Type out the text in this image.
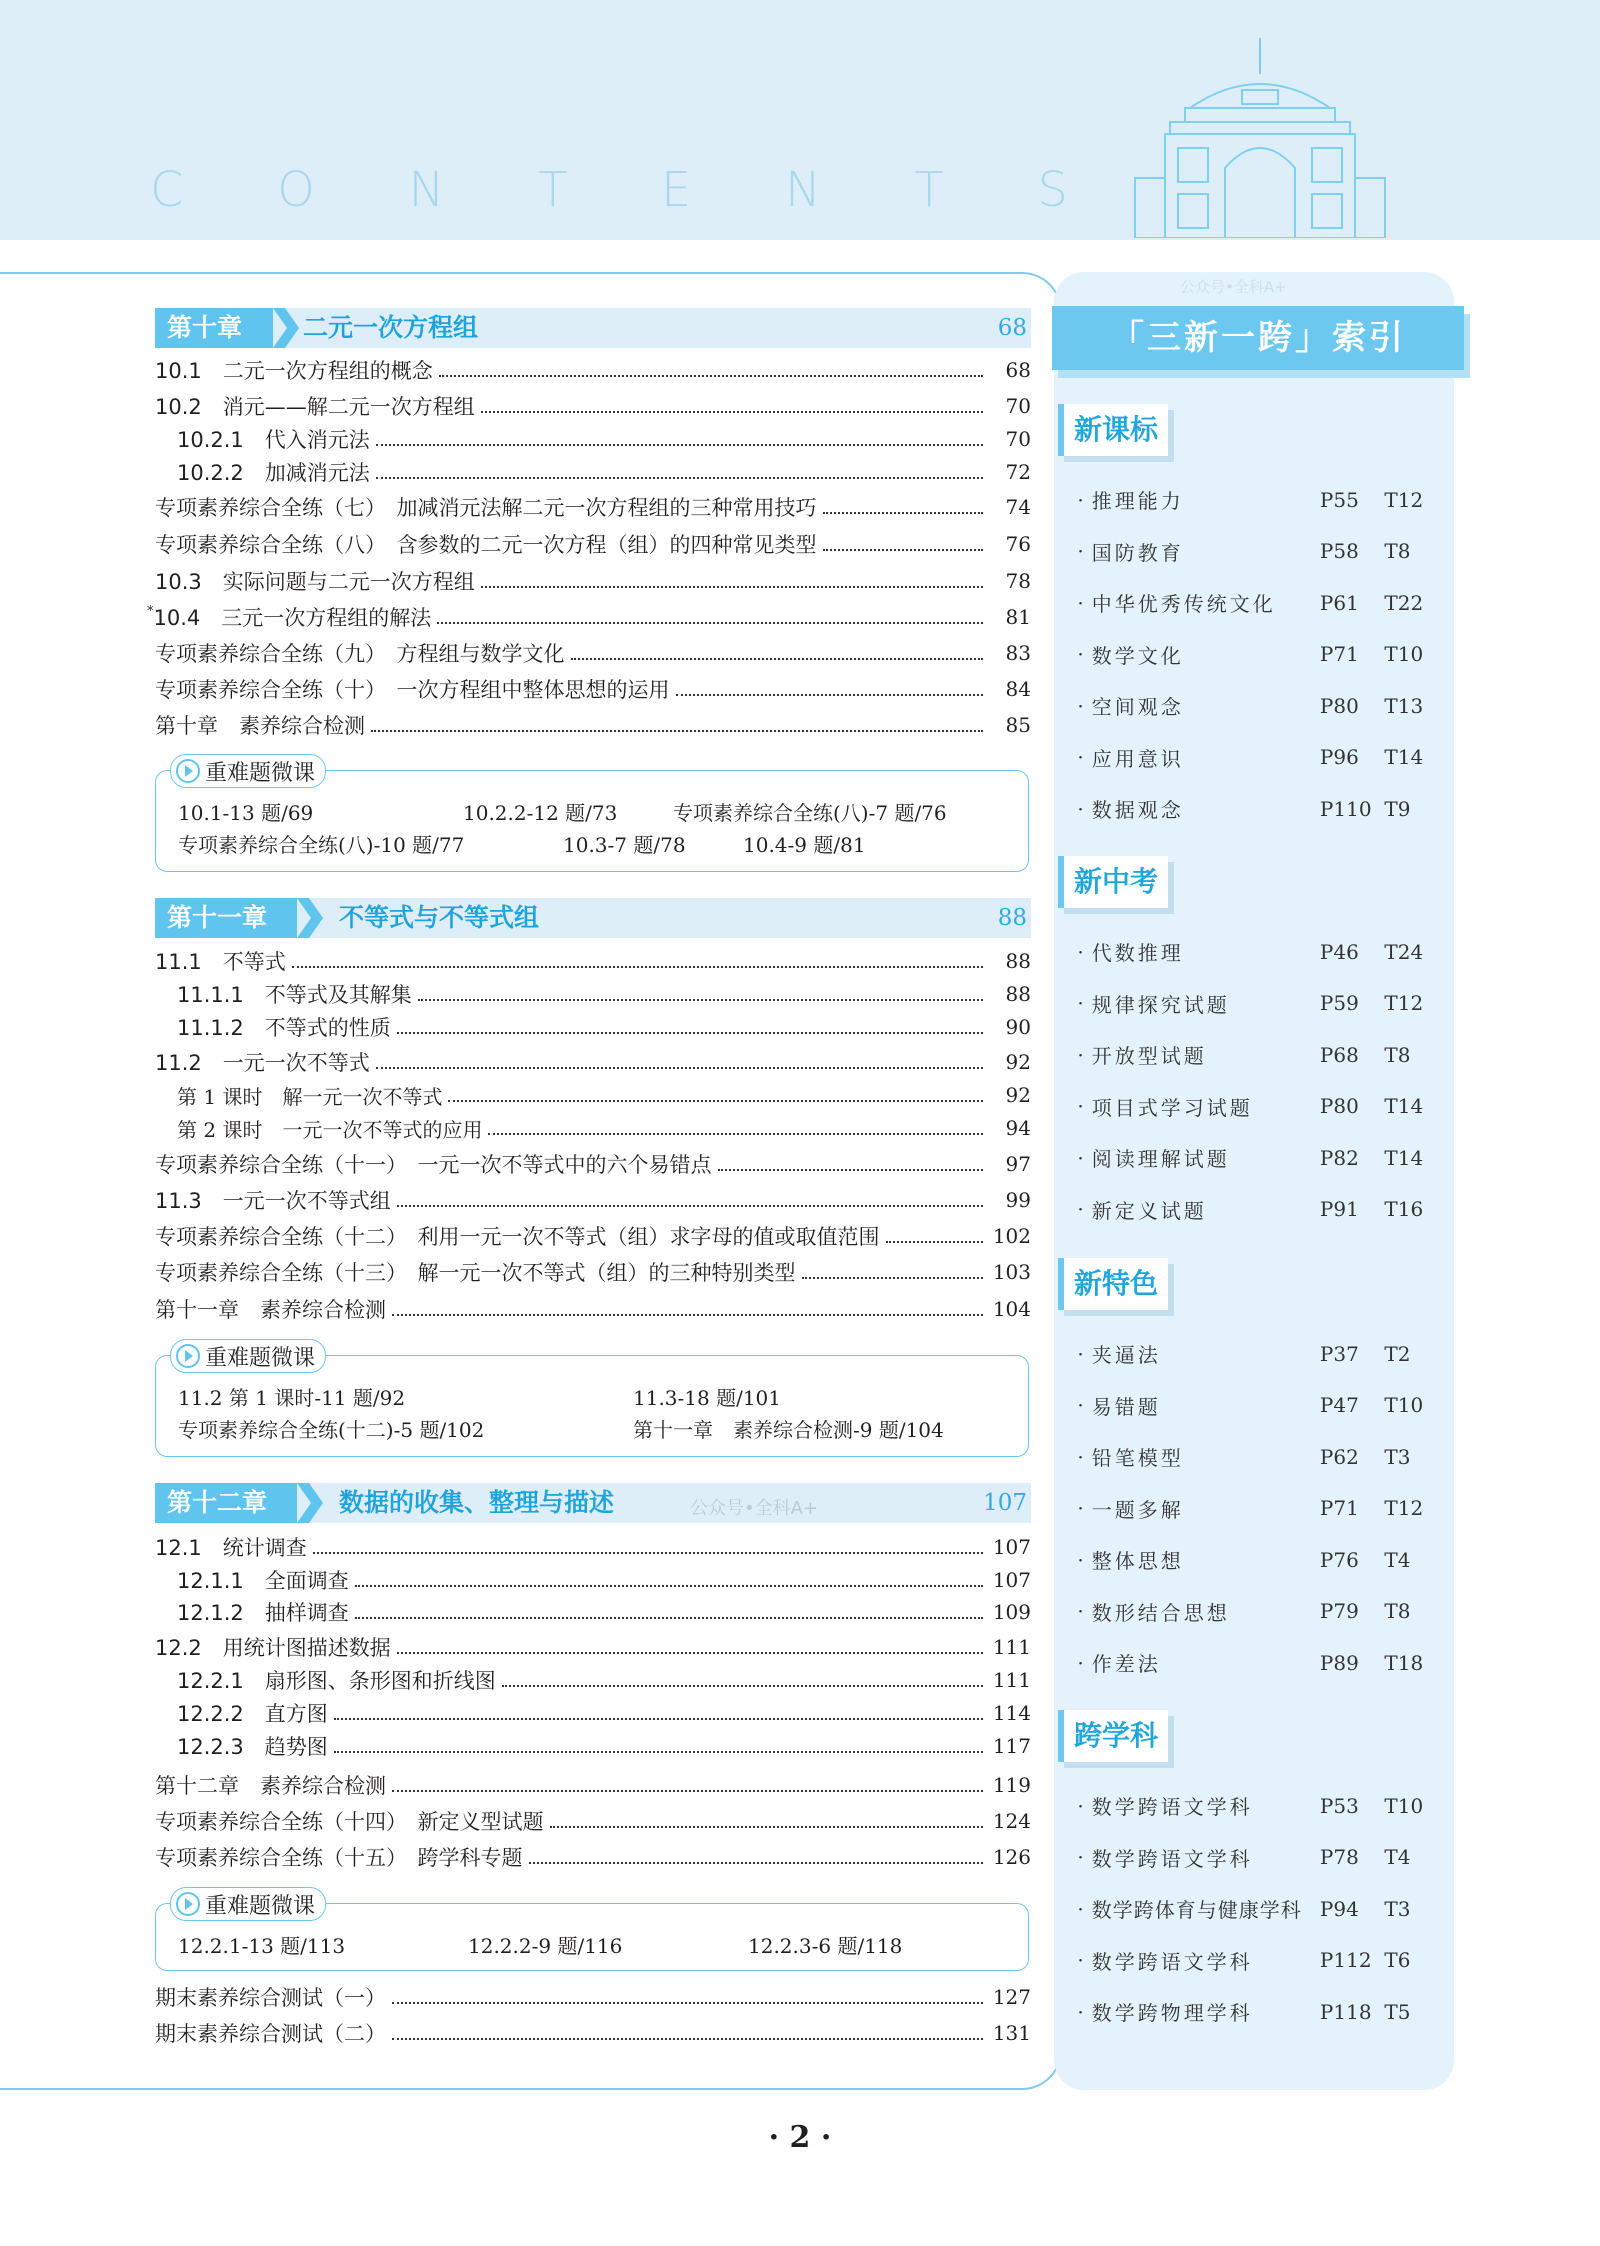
C O N T E N T S
第十章	二元一次方程组	68
10.1　二元一次方程组的概念	68
10.2　消元——解二元一次方程组	70
10.2.1　代入消元法	70
10.2.2　加减消元法	72
专项素养综合全练（七）　加减消元法解二元一次方程组的三种常用技巧	74
专项素养综合全练（八）　含参数的二元一次方程（组）的四种常见类型	76
10.3　实际问题与二元一次方程组	78
* 10.4　三元一次方程组的解法	81
专项素养综合全练（九）　方程组与数学文化	83
专项素养综合全练（十）　一次方程组中整体思想的运用	84
第十章　素养综合检测	85
重难题微课
10.1-13 题/69	10.2.2-12 题/73	专项素养综合全练(八)-7 题/76
专项素养综合全练(八)-10 题/77	10.3-7 题/78	10.4-9 题/81
第十一章	不等式与不等式组	88
11.1　不等式	88
11.1.1　不等式及其解集	88
11.1.2　不等式的性质	90
11.2　一元一次不等式	92
第 1 课时　解一元一次不等式	92
第 2 课时　一元一次不等式的应用	94
专项素养综合全练（十一）　一元一次不等式中的六个易错点	97
11.3　一元一次不等式组	99
专项素养综合全练（十二）　利用一元一次不等式（组）求字母的值或取值范围	102
专项素养综合全练（十三）　解一元一次不等式（组）的三种特别类型	103
第十一章　素养综合检测	104
重难题微课
11.2 第 1 课时-11 题/92	11.3-18 题/101
专项素养综合全练(十二)-5 题/102	第十一章　素养综合检测-9 题/104
第十二章	数据的收集、整理与描述	107
公众号•全科A+
12.1　统计调查	107
12.1.1　全面调查	107
12.1.2　抽样调查	109
12.2　用统计图描述数据	111
12.2.1　扇形图、条形图和折线图	111
12.2.2　直方图	114
12.2.3　趋势图	117
第十二章　素养综合检测	119
专项素养综合全练（十四）　新定义型试题	124
专项素养综合全练（十五）　跨学科专题	126
重难题微课
12.2.1-13 题/113	12.2.2-9 题/116	12.2.3-6 题/118
期末素养综合测试（一）	127
期末素养综合测试（二）	131
公众号•全科A+
「三新一跨」索引
新课标
· 推理能力	P55	T12
· 国防教育	P58	T8
· 中华优秀传统文化	P61	T22
· 数学文化	P71	T10
· 空间观念	P80	T13
· 应用意识	P96	T14
· 数据观念	P110 T9
新中考
· 代数推理	P46	T24
· 规律探究试题	P59	T12
· 开放型试题	P68	T8
· 项目式学习试题	P80	T14
· 阅读理解试题	P82	T14
· 新定义试题	P91	T16
新特色
· 夹逼法	P37	T2
· 易错题	P47	T10
· 铅笔模型	P62	T3
· 一题多解	P71	T12
· 整体思想	P76	T4
· 数形结合思想	P79	T8
· 作差法	P89	T18
跨学科
· 数学跨语文学科	P53	T10
· 数学跨语文学科	P78	T4
· 数学跨体育与健康学科 P94	T3
· 数学跨语文学科	P112 T6
· 数学跨物理学科	P118 T5
· 2 ·
